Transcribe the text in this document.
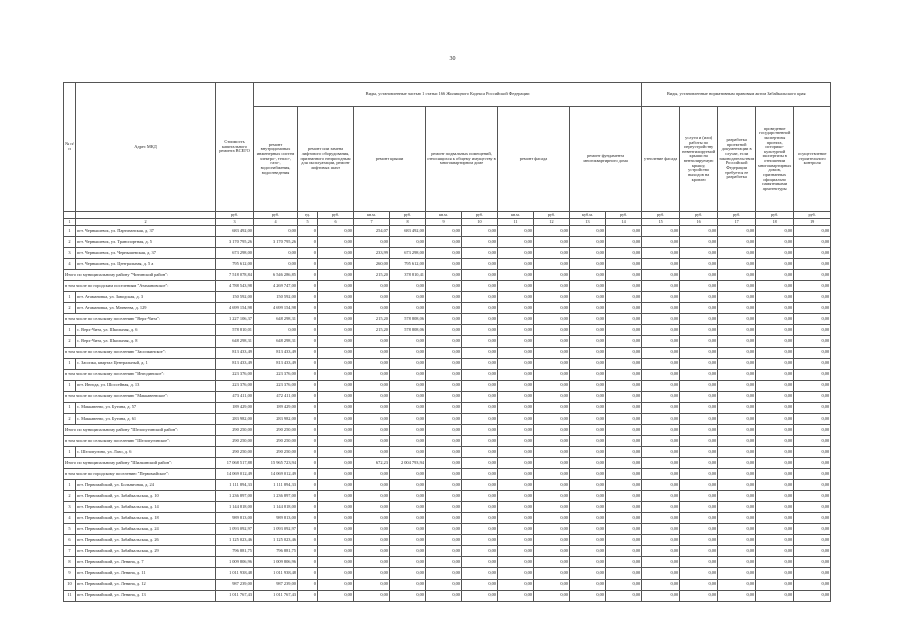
30
№ п/п	Адрес МКД	Стоимость капитального ремонта ВСЕГО	Виды, установленные частью 1 статьи 166 Жилищного Кодекса Российской Федерации											Виды, установленные нормативным правовым актом Забайкальского края				
			ремонт внутридомовых инженерных систем электро-, тепло-, газо-, водоснабжения, водоотведения	ремонт или замена лифтового оборудования, признанного непригодным для эксплуатации, ремонт лифтовых шахт		ремонт крыши		ремонт подвальных помещений, относящихся к общему имуществу в многоквартирном доме		ремонт фасада		ремонт фундамента многоквартирного дома		утепление фасада	услуги и (или) работы по переустройству невентилируемой крыши на вентилируемую крышу, устройство выходов на кровлю	разработка проектной документации в случае, если законодательством Российской Федерации требуется ее разработка	проведение государственной экспертизы проекта, историко-культурной экспертизы в отношении многоквартирных домов, признанных официально памятниками архитектуры	осуществление строительного контроля
		руб.	руб.	ед.	руб.	кв.м.	руб.	кв.м.	руб.	кв.м.	руб.	куб.м.	руб.	руб.	руб.	руб.	руб.	руб.
1	2	3	4	5	6	7	8	9	10	11	12	13	14	15	16	17	18	19
1	пгт. Чернышевск, ул. Партизанская, д. 37	683 492,00	0,00	0	0,00	254,07	683 492,00	0,00	0,00	0,00	0,00	0,00	0,00	0,00	0,00	0,00	0,00	0,00
2	пгт. Чернышевск, ул. Транспортная, д. 5	3 170 795,26	3 170 795,26	0	0,00	0,00	0,00	0,00	0,00	0,00	0,00	0,00	0,00	0,00	0,00	0,00	0,00	0,00
3	пгт. Чернышевск, ул. Чернышевская, д. 37	673 298,00	0,00	0	0,00	233,99	673 298,00	0,00	0,00	0,00	0,00	0,00	0,00	0,00	0,00	0,00	0,00	0,00
4	пгт. Чернышевск, ул. Центральная, д. 5 а	795 612,00	0,00	0	0,00	260,00	795 612,00	0,00	0,00	0,00	0,00	0,00	0,00	0,00	0,00	0,00	0,00	0,00
Итого по муниципальному району "Читинский район":		7 518 078,84	6 546 286,85	0	0,00	215,20	378 810,41	0,00	0,00	0,00	0,00	0,00	0,00	0,00	0,00	0,00	0,00	0,00
в том числе по городским поселениям "Атамановское":		4 788 543,98	4 269 747,00	0	0,00	0,00	0,00	0,00	0,00	0,00	0,00	0,00	0,00	0,00	0,00	0,00	0,00	0,00
1	пгт. Атамановка, ул. Заводская, д. 3	150 592,00	150 592,00	0	0,00	0,00	0,00	0,00	0,00	0,00	0,00	0,00	0,00	0,00	0,00	0,00	0,00	0,00
2	пгт. Атамановка, ул. Матвеева, д. 129	4 699 154,98	4 699 154,98	0	0,00	0,00	0,00	0,00	0,00	0,00	0,00	0,00	0,00	0,00	0,00	0,00	0,00	0,00
в том числе по сельскому поселению "Верх-Чита":		1 227 106,37	648 298,31	0	0,00	215,20	578 808,06	0,00	0,00	0,00	0,00	0,00	0,00	0,00	0,00	0,00	0,00	0,00
1	с. Верх-Чита, ул. Школьная, д. 6	578 810,01	0,00	0	0,00	215,20	578 808,06	0,00	0,00	0,00	0,00	0,00	0,00	0,00	0,00	0,00	0,00	0,00
2	с. Верх-Чита, ул. Школьная, д. 8	648 298,31	648 298,31	0	0,00	0,00	0,00	0,00	0,00	0,00	0,00	0,00	0,00	0,00	0,00	0,00	0,00	0,00
в том числе по сельскому поселению "Засопкинское":		813 433,49	813 433,49	0	0,00	0,00	0,00	0,00	0,00	0,00	0,00	0,00	0,00	0,00	0,00	0,00	0,00	0,00
1	с. Засопка, квартал Центральный, д. 1	813 433,49	813 433,49	0	0,00	0,00	0,00	0,00	0,00	0,00	0,00	0,00	0,00	0,00	0,00	0,00	0,00	0,00
в том числе по сельскому поселению "Ингодинское":		223 376,00	223 376,00	0	0,00	0,00	0,00	0,00	0,00	0,00	0,00	0,00	0,00	0,00	0,00	0,00	0,00	0,00
1	пгт. Ингода, ул. Шоссейная, д. 13	223 376,00	223 376,00	0	0,00	0,00	0,00	0,00	0,00	0,00	0,00	0,00	0,00	0,00	0,00	0,00	0,00	0,00
в том числе по сельскому поселению "Маккавеевское":		473 411,00	472 411,00	0	0,00	0,00	0,00	0,00	0,00	0,00	0,00	0,00	0,00	0,00	0,00	0,00	0,00	0,00
1	с. Маккавеево, ул. Бутина, д. 57	189 429,00	189 429,00	0	0,00	0,00	0,00	0,00	0,00	0,00	0,00	0,00	0,00	0,00	0,00	0,00	0,00	0,00
2	с. Маккавеево, ул. Бутина, д. 61	283 982,00	283 982,00	0	0,00	0,00	0,00	0,00	0,00	0,00	0,00	0,00	0,00	0,00	0,00	0,00	0,00	0,00
Итого по муниципальному району "Шелопугинский район":		290 250,00	290 250,00	0	0,00	0,00	0,00	0,00	0,00	0,00	0,00	0,00	0,00	0,00	0,00	0,00	0,00	0,00
в том числе по сельскому поселению "Шелопугинское":		290 250,00	290 250,00	0	0,00	0,00	0,00	0,00	0,00	0,00	0,00	0,00	0,00	0,00	0,00	0,00	0,00	0,00
1	с. Шелопугино, ул. Лазо, д. 6	290 250,00	290 250,00	0	0,00	0,00	0,00	0,00	0,00	0,00	0,00	0,00	0,00	0,00	0,00	0,00	0,00	0,00
Итого по муниципальному району "Шилкинский район":		17 068 517,88	15 965 723,94	0	0,00	672,23	2 004 793,94	0,00	0,00	0,00	0,00	0,00	0,00	0,00	0,00	0,00	0,00	0,00
в том числе по городскому поселению "Первомайское":		14 069 012,49	14 069 012,49	0	0,00	0,00	0,00	0,00	0,00	0,00	0,00	0,00	0,00	0,00	0,00	0,00	0,00	0,00
1	пгт. Первомайский, ул. Больничная, д. 24	1 111 894,33	1 111 894,33	0	0,00	0,00	0,00	0,00	0,00	0,00	0,00	0,00	0,00	0,00	0,00	0,00	0,00	0,00
2	пгт. Первомайский, ул. Забайкальская, д. 10	1 236 897,00	1 236 897,00	0	0,00	0,00	0,00	0,00	0,00	0,00	0,00	0,00	0,00	0,00	0,00	0,00	0,00	0,00
3	пгт. Первомайский, ул. Забайкальская, д. 14	1 144 818,00	1 144 818,00	0	0,00	0,00	0,00	0,00	0,00	0,00	0,00	0,00	0,00	0,00	0,00	0,00	0,00	0,00
4	пгт. Первомайский, ул. Забайкальская, д. 18	989 813,00	989 813,00	0	0,00	0,00	0,00	0,00	0,00	0,00	0,00	0,00	0,00	0,00	0,00	0,00	0,00	0,00
5	пгт. Первомайский, ул. Забайкальская, д. 24	1 093 092,97	1 093 092,97	0	0,00	0,00	0,00	0,00	0,00	0,00	0,00	0,00	0,00	0,00	0,00	0,00	0,00	0,00
6	пгт. Первомайский, ул. Забайкальская, д. 26	1 125 023,46	1 125 023,46	0	0,00	0,00	0,00	0,00	0,00	0,00	0,00	0,00	0,00	0,00	0,00	0,00	0,00	0,00
7	пгт. Первомайский, ул. Забайкальская, д. 29	796 881,75	796 881,75	0	0,00	0,00	0,00	0,00	0,00	0,00	0,00	0,00	0,00	0,00	0,00	0,00	0,00	0,00
8	пгт. Первомайский, ул. Ленина, д. 7	1 009 806,96	1 009 806,96	0	0,00	0,00	0,00	0,00	0,00	0,00	0,00	0,00	0,00	0,00	0,00	0,00	0,00	0,00
9	пгт. Первомайский, ул. Ленина, д. 11	1 011 938,48	1 011 938,48	0	0,00	0,00	0,00	0,00	0,00	0,00	0,00	0,00	0,00	0,00	0,00	0,00	0,00	0,00
10	пгт. Первомайский, ул. Ленина, д. 12	987 239,00	987 239,00	0	0,00	0,00	0,00	0,00	0,00	0,00	0,00	0,00	0,00	0,00	0,00	0,00	0,00	0,00
11	пгт. Первомайский, ул. Ленина, д. 13	1 011 767,43	1 011 767,43	0	0,00	0,00	0,00	0,00	0,00	0,00	0,00	0,00	0,00	0,00	0,00	0,00	0,00	0,00
